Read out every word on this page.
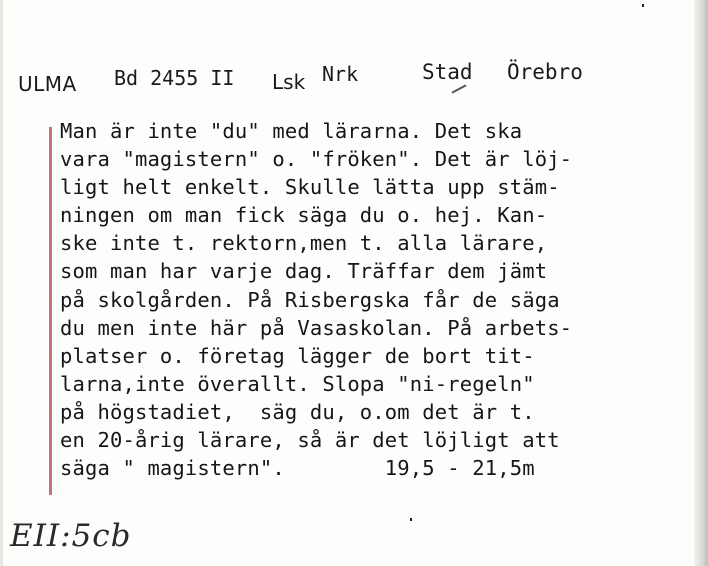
ULMA Bd 2455 II Lsk Nrk	Stad Örebro
Man är inte "du" med lärarna. Det ska
vara "magistern" o. "fröken". Det är löj-
ligt helt enkelt. Skulle lätta upp stäm-
ningen om man fick säga du o. hej. Kan-
ske inte t. rektorn,men t. alla lärare,
som man har varje dag. Träffar dem jämt
på skolgården. På Risbergska får de säga
du men inte här på Vasaskolan. På arbets-
platser o. företag lägger de bort tit-
larna,inte överallt. Slopa "ni-regeln"
på högstadiet,  säg du, o.om det är t.
en 20-årig lärare, så är det löjligt att
säga " magistern".        19,5 - 21,5m
EII:5cb
